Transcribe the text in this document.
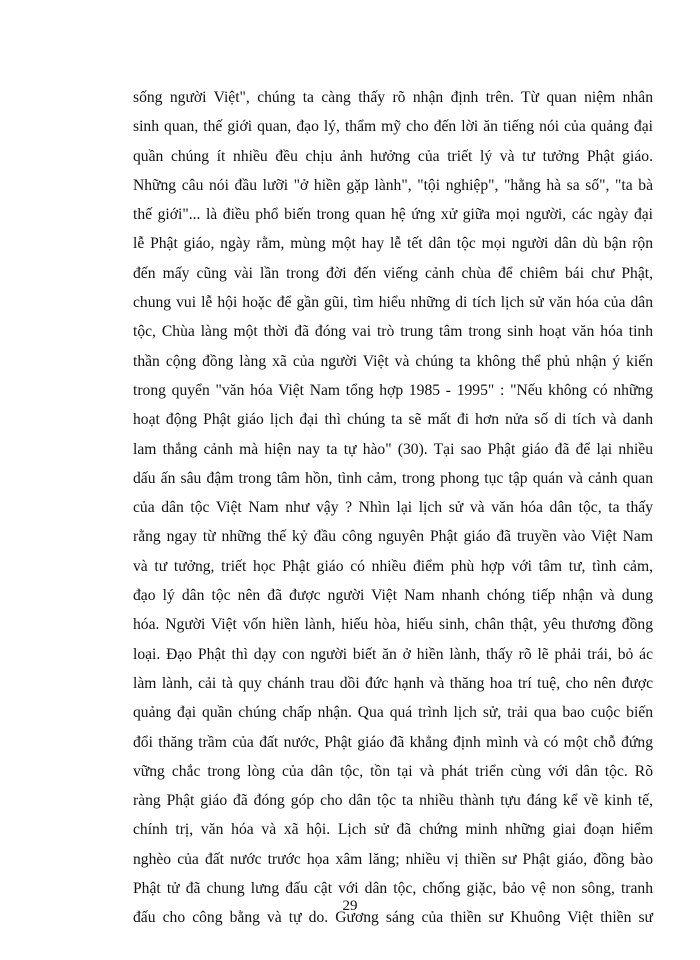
sống người Việt", chúng ta càng thấy rõ nhận định trên. Từ quan niệm nhân
sinh quan, thế giới quan, đạo lý, thẩm mỹ cho đến lời ăn tiếng nói của quảng đại
quần chúng ít nhiều đều chịu ảnh hưởng của triết lý và tư tưởng Phật giáo.
Những câu nói đầu lưỡi "ở hiền gặp lành", "tội nghiệp", "hằng hà sa số", "ta bà
thế giới"... là điều phổ biến trong quan hệ ứng xử giữa mọi người, các ngày đại
lễ Phật giáo, ngày rằm, mùng một hay lễ tết dân tộc mọi người dân dù bận rộn
đến mấy cũng vài lần trong đời đến viếng cảnh chùa để chiêm bái chư Phật,
chung vui lễ hội hoặc để gần gũi, tìm hiểu những di tích lịch sử văn hóa của dân
tộc, Chùa làng một thời đã đóng vai trò trung tâm trong sinh hoạt văn hóa tinh
thần cộng đồng làng xã của người Việt và chúng ta không thể phủ nhận ý kiến
trong quyển "văn hóa Việt Nam tổng hợp 1985 - 1995" : "Nếu không có những
hoạt động Phật giáo lịch đại thì chúng ta sẽ mất đi hơn nửa số di tích và danh
lam thắng cảnh mà hiện nay ta tự hào" (30). Tại sao Phật giáo đã để lại nhiều
dấu ấn sâu đậm trong tâm hồn, tình cảm, trong phong tục tập quán và cảnh quan
của dân tộc Việt Nam như vậy ? Nhìn lại lịch sử và văn hóa dân tộc, ta thấy
rằng ngay từ những thế kỷ đầu công nguyên Phật giáo đã truyền vào Việt Nam
và tư tưởng, triết học Phật giáo có nhiều điểm phù hợp với tâm tư, tình cảm,
đạo lý dân tộc nên đã được người Việt Nam nhanh chóng tiếp nhận và dung
hóa. Người Việt vốn hiền lành, hiếu hòa, hiếu sinh, chân thật, yêu thương đồng
loại. Đạo Phật thì dạy con người biết ăn ở hiền lành, thấy rõ lẽ phải trái, bỏ ác
làm lành, cải tà quy chánh trau dồi đức hạnh và thăng hoa trí tuệ, cho nên được
quảng đại quần chúng chấp nhận. Qua quá trình lịch sử, trải qua bao cuộc biến
đổi thăng trầm của đất nước, Phật giáo đã khẳng định mình và có một chỗ đứng
vững chắc trong lòng của dân tộc, tồn tại và phát triển cùng với dân tộc. Rõ
ràng Phật giáo đã đóng góp cho dân tộc ta nhiều thành tựu đáng kể về kinh tế,
chính trị, văn hóa và xã hội. Lịch sử đã chứng minh những giai đoạn hiểm
nghèo của đất nước trước họa xâm lăng; nhiều vị thiền sư Phật giáo, đồng bào
Phật tử đã chung lưng đấu cật với dân tộc, chống giặc, bảo vệ non sông, tranh
đấu cho công bằng và tự do. Gương sáng của thiền sư Khuông Việt thiền sư
29
